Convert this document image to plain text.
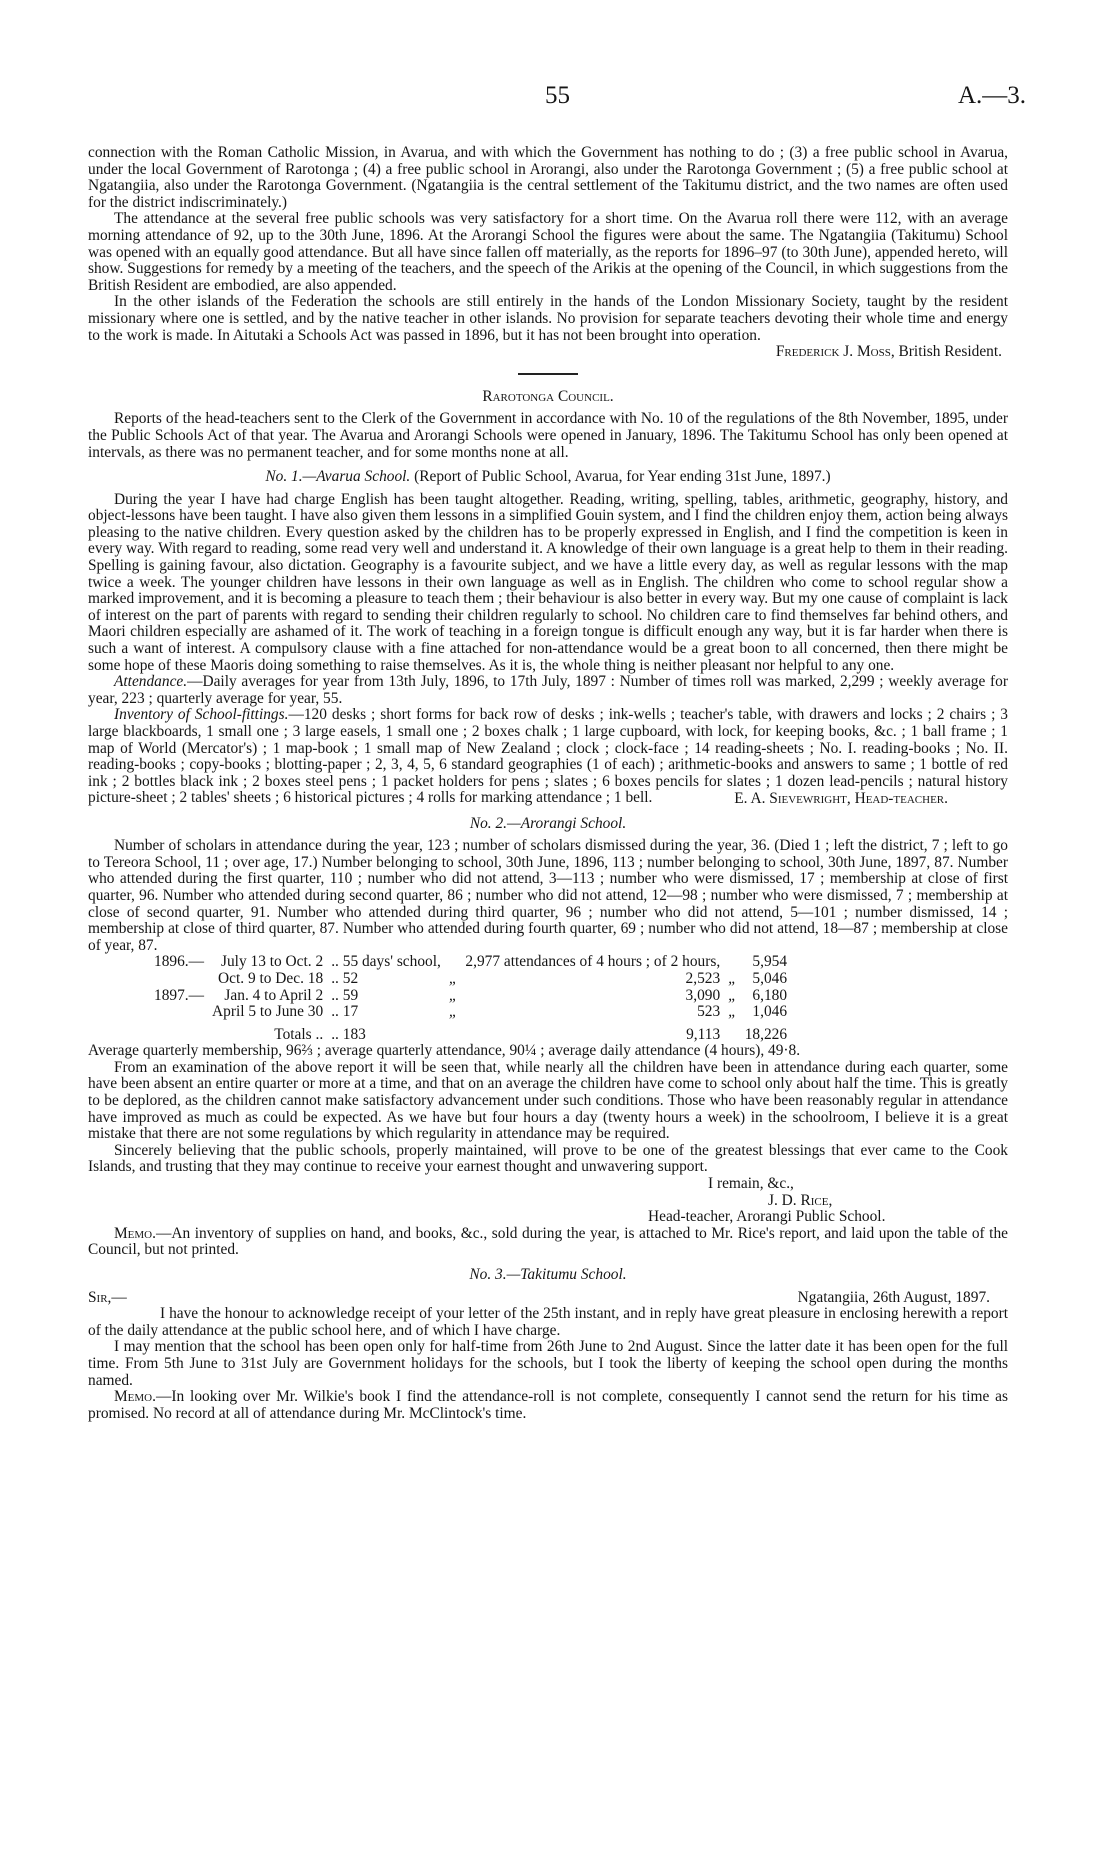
55	A.—3.

connection with the Roman Catholic Mission, in Avarua, and with which the Government has nothing to do ; (3) a free public school in Avarua, under the local Government of Rarotonga ; (4) a free public school in Arorangi, also under the Rarotonga Government ; (5) a free public school at Ngatangiia, also under the Rarotonga Government. (Ngatangiia is the central settlement of the Takitumu district, and the two names are often used for the district indiscriminately.)

The attendance at the several free public schools was very satisfactory for a short time. On the Avarua roll there were 112, with an average morning attendance of 92, up to the 30th June, 1896. At the Arorangi School the figures were about the same. The Ngatangiia (Takitumu) School was opened with an equally good attendance. But all have since fallen off materially, as the reports for 1896–97 (to 30th June), appended hereto, will show. Suggestions for remedy by a meeting of the teachers, and the speech of the Arikis at the opening of the Council, in which suggestions from the British Resident are embodied, are also appended.

In the other islands of the Federation the schools are still entirely in the hands of the London Missionary Society, taught by the resident missionary where one is settled, and by the native teacher in other islands. No provision for separate teachers devoting their whole time and energy to the work is made. In Aitutaki a Schools Act was passed in 1896, but it has not been brought into operation.

Frederick J. Moss, British Resident.

Rarotonga Council.

Reports of the head-teachers sent to the Clerk of the Government in accordance with No. 10 of the regulations of the 8th November, 1895, under the Public Schools Act of that year. The Avarua and Arorangi Schools were opened in January, 1896. The Takitumu School has only been opened at intervals, as there was no permanent teacher, and for some months none at all.

No. 1.—Avarua School. (Report of Public School, Avarua, for Year ending 31st June, 1897.)

During the year I have had charge English has been taught altogether. Reading, writing, spelling, tables, arithmetic, geography, history, and object-lessons have been taught. I have also given them lessons in a simplified Gouin system, and I find the children enjoy them, action being always pleasing to the native children. Every question asked by the children has to be properly expressed in English, and I find the competition is keen in every way. With regard to reading, some read very well and understand it. A knowledge of their own language is a great help to them in their reading. Spelling is gaining favour, also dictation. Geography is a favourite subject, and we have a little every day, as well as regular lessons with the map twice a week. The younger children have lessons in their own language as well as in English. The children who come to school regular show a marked improvement, and it is becoming a pleasure to teach them ; their behaviour is also better in every way. But my one cause of complaint is lack of interest on the part of parents with regard to sending their children regularly to school. No children care to find themselves far behind others, and Maori children especially are ashamed of it. The work of teaching in a foreign tongue is difficult enough any way, but it is far harder when there is such a want of interest. A compulsory clause with a fine attached for non-attendance would be a great boon to all concerned, then there might be some hope of these Maoris doing something to raise themselves. As it is, the whole thing is neither pleasant nor helpful to any one.

Attendance.—Daily averages for year from 13th July, 1896, to 17th July, 1897 : Number of times roll was marked, 2,299 ; weekly average for year, 223 ; quarterly average for year, 55.

Inventory of School-fittings.—120 desks ; short forms for back row of desks ; ink-wells ; teacher's table, with drawers and locks ; 2 chairs ; 3 large blackboards, 1 small one ; 3 large easels, 1 small one ; 2 boxes chalk ; 1 large cupboard, with lock, for keeping books, &c. ; 1 ball frame ; 1 map of World (Mercator's) ; 1 map-book ; 1 small map of New Zealand ; clock ; clock-face ; 14 reading-sheets ; No. I. reading-books ; No. II. reading-books ; copy-books ; blotting-paper ; 2, 3, 4, 5, 6 standard geographies (1 of each) ; arithmetic-books and answers to same ; 1 bottle of red ink ; 2 bottles black ink ; 2 boxes steel pens ; 1 packet holders for pens ; slates ; 6 boxes pencils for slates ; 1 dozen lead-pencils ; natural history picture-sheet ; 2 tables' sheets ; 6 historical pictures ; 4 rolls for marking attendance ; 1 bell.	E. A. Sievewright, Head-teacher.

No. 2.—Arorangi School.

Number of scholars in attendance during the year, 123 ; number of scholars dismissed during the year, 36. (Died 1 ; left the district, 7 ; left to go to Tereora School, 11 ; over age, 17.) Number belonging to school, 30th June, 1896, 113 ; number belonging to school, 30th June, 1897, 87. Number who attended during the first quarter, 110 ; number who did not attend, 3—113 ; number who were dismissed, 17 ; membership at close of first quarter, 96. Number who attended during second quarter, 86 ; number who did not attend, 12—98 ; number who were dismissed, 7 ; membership at close of second quarter, 91. Number who attended during third quarter, 96 ; number who did not attend, 5—101 ; number dismissed, 14 ; membership at close of third quarter, 87. Number who attended during fourth quarter, 69 ; number who did not attend, 18—87 ; membership at close of year, 87.

1896.—	July 13 to Oct. 2	.. 55 days' school,		2,977 attendances of 4 hours ; of 2 hours,		5,954
	Oct. 9 to Dec. 18	.. 52	„	2,523	„	5,046
1897.—	Jan. 4 to April 2	.. 59	„	3,090	„	6,180
	April 5 to June 30	.. 17	„	523	„	1,046
	Totals ..	.. 183		9,113		18,226

Average quarterly membership, 96⅔ ; average quarterly attendance, 90¼ ; average daily attendance (4 hours), 49·8.

From an examination of the above report it will be seen that, while nearly all the children have been in attendance during each quarter, some have been absent an entire quarter or more at a time, and that on an average the children have come to school only about half the time. This is greatly to be deplored, as the children cannot make satisfactory advancement under such conditions. Those who have been reasonably regular in attendance have improved as much as could be expected. As we have but four hours a day (twenty hours a week) in the schoolroom, I believe it is a great mistake that there are not some regulations by which regularity in attendance may be required.

Sincerely believing that the public schools, properly maintained, will prove to be one of the greatest blessings that ever came to the Cook Islands, and trusting that they may continue to receive your earnest thought and unwavering support.

I remain, &c.,

J. D. Rice,

Head-teacher, Arorangi Public School.

Memo.—An inventory of supplies on hand, and books, &c., sold during the year, is attached to Mr. Rice's report, and laid upon the table of the Council, but not printed.

No. 3.—Takitumu School.

Sir,—	Ngatangiia, 26th August, 1897.

I have the honour to acknowledge receipt of your letter of the 25th instant, and in reply have great pleasure in enclosing herewith a report of the daily attendance at the public school here, and of which I have charge.

I may mention that the school has been open only for half-time from 26th June to 2nd August. Since the latter date it has been open for the full time. From 5th June to 31st July are Government holidays for the schools, but I took the liberty of keeping the school open during the months named.

Memo.—In looking over Mr. Wilkie's book I find the attendance-roll is not complete, consequently I cannot send the return for his time as promised. No record at all of attendance during Mr. McClintock's time.
